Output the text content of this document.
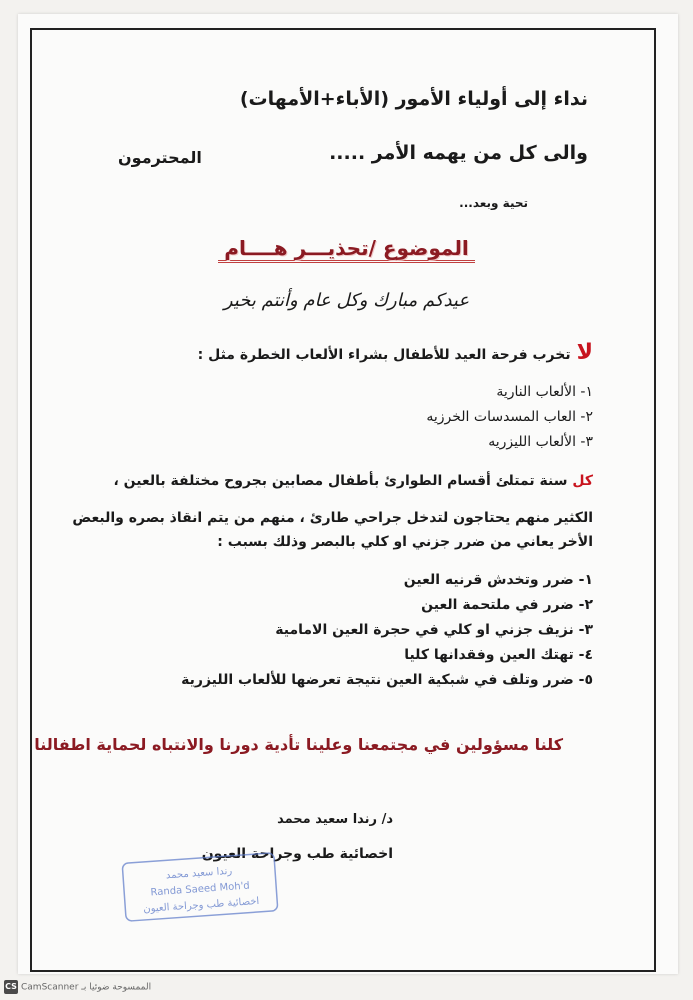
نداء إلى أولياء الأمور (الأباء+الأمهات)
والى كل من يهمه الأمر .....
المحترمون
تحية وبعد...
الموضوع /تحذيـــر هــــام
عيدكم مبارك وكل عام وأنتم بخير
لاتخرب فرحة العيد للأطفال بشراء الألعاب الخطرة مثل :
١- الألعاب النارية
٢- العاب المسدسات الخرزيه
٣- الألعاب الليزريه
كل سنة تمتلئ أقسام الطوارئ بأطفال مصابين بجروح مختلفة بالعين ،
الكثير منهم يحتاجون لتدخل جراحي طارئ ، منهم من يتم انقاذ بصره والبعض
الأخر يعاني من ضرر جزني او كلي بالبصر وذلك بسبب :
١- ضرر وتخدش قرنيه العين
٢- ضرر في ملتحمة العين
٣- نزيف جزني او كلي في حجرة العين الامامية
٤- تهتك العين وفقدانها كليا
٥- ضرر وتلف في شبكية العين نتيجة تعرضها للألعاب الليزرية
كلنا مسؤولين في مجتمعنا وعلينا تأدية دورنا والانتباه لحماية اطفالنا
د/ رندا سعيد محمد
اخصائية طب وجراحة العيون
رندا سعيد محمد
Randa Saeed Moh'd
اخصائية طب وجراحة العيون
CS CamScanner الممسوحة ضوئيا بـ
